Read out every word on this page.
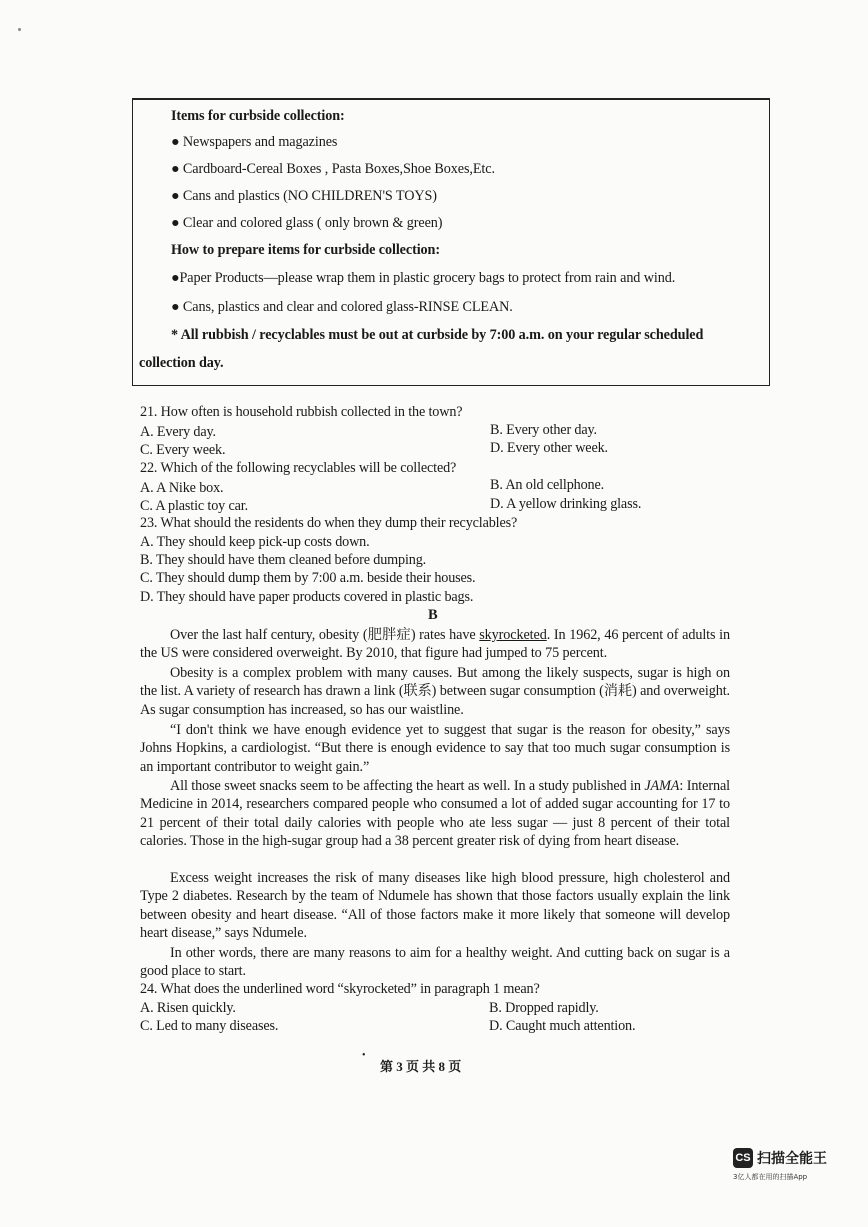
Items for curbside collection:
● Newspapers and magazines
● Cardboard-Cereal Boxes , Pasta Boxes,Shoe Boxes,Etc.
● Cans and plastics (NO CHILDREN'S TOYS)
● Clear and colored glass ( only brown & green)
How to prepare items for curbside collection:
●Paper Products—please wrap them in plastic grocery bags to protect from rain and wind.
● Cans, plastics and clear and colored glass-RINSE CLEAN.
* All rubbish / recyclables must be out at curbside by 7:00 a.m. on your regular scheduled
collection day.
21. How often is household rubbish collected in the town?
A. Every day.	B. Every other day.
C. Every week.	D. Every other week.
22. Which of the following recyclables will be collected?
A. A Nike box.	B. An old cellphone.
C. A plastic toy car.	D. A yellow drinking glass.
23. What should the residents do when they dump their recyclables?
A. They should keep pick-up costs down.
B. They should have them cleaned before dumping.
C. They should dump them by 7:00 a.m. beside their houses.
D. They should have paper products covered in plastic bags.
B
Over the last half century, obesity (肥胖症) rates have skyrocketed. In 1962, 46 percent of adults in the US were considered overweight. By 2010, that figure had jumped to 75 percent.
Obesity is a complex problem with many causes. But among the likely suspects, sugar is high on the list. A variety of research has drawn a link (联系) between sugar consumption (消耗) and overweight. As sugar consumption has increased, so has our waistline.
“I don't think we have enough evidence yet to suggest that sugar is the reason for obesity,” says Johns Hopkins, a cardiologist. “But there is enough evidence to say that too much sugar consumption is an important contributor to weight gain.”
All those sweet snacks seem to be affecting the heart as well. In a study published in JAMA: Internal Medicine in 2014, researchers compared people who consumed a lot of added sugar accounting for 17 to 21 percent of their total daily calories with people who ate less sugar — just 8 percent of their total calories. Those in the high-sugar group had a 38 percent greater risk of dying from heart disease.
Excess weight increases the risk of many diseases like high blood pressure, high cholesterol and Type 2 diabetes. Research by the team of Ndumele has shown that those factors usually explain the link between obesity and heart disease. “All of those factors make it more likely that someone will develop heart disease,” says Ndumele.
In other words, there are many reasons to aim for a healthy weight. And cutting back on sugar is a good place to start.
24. What does the underlined word “skyrocketed” in paragraph 1 mean?
A. Risen quickly.	B. Dropped rapidly.
C. Led to many diseases.	D. Caught much attention.
•
第 3 页 共 8 页
CS 扫描全能王
3亿人都在用的扫描App
